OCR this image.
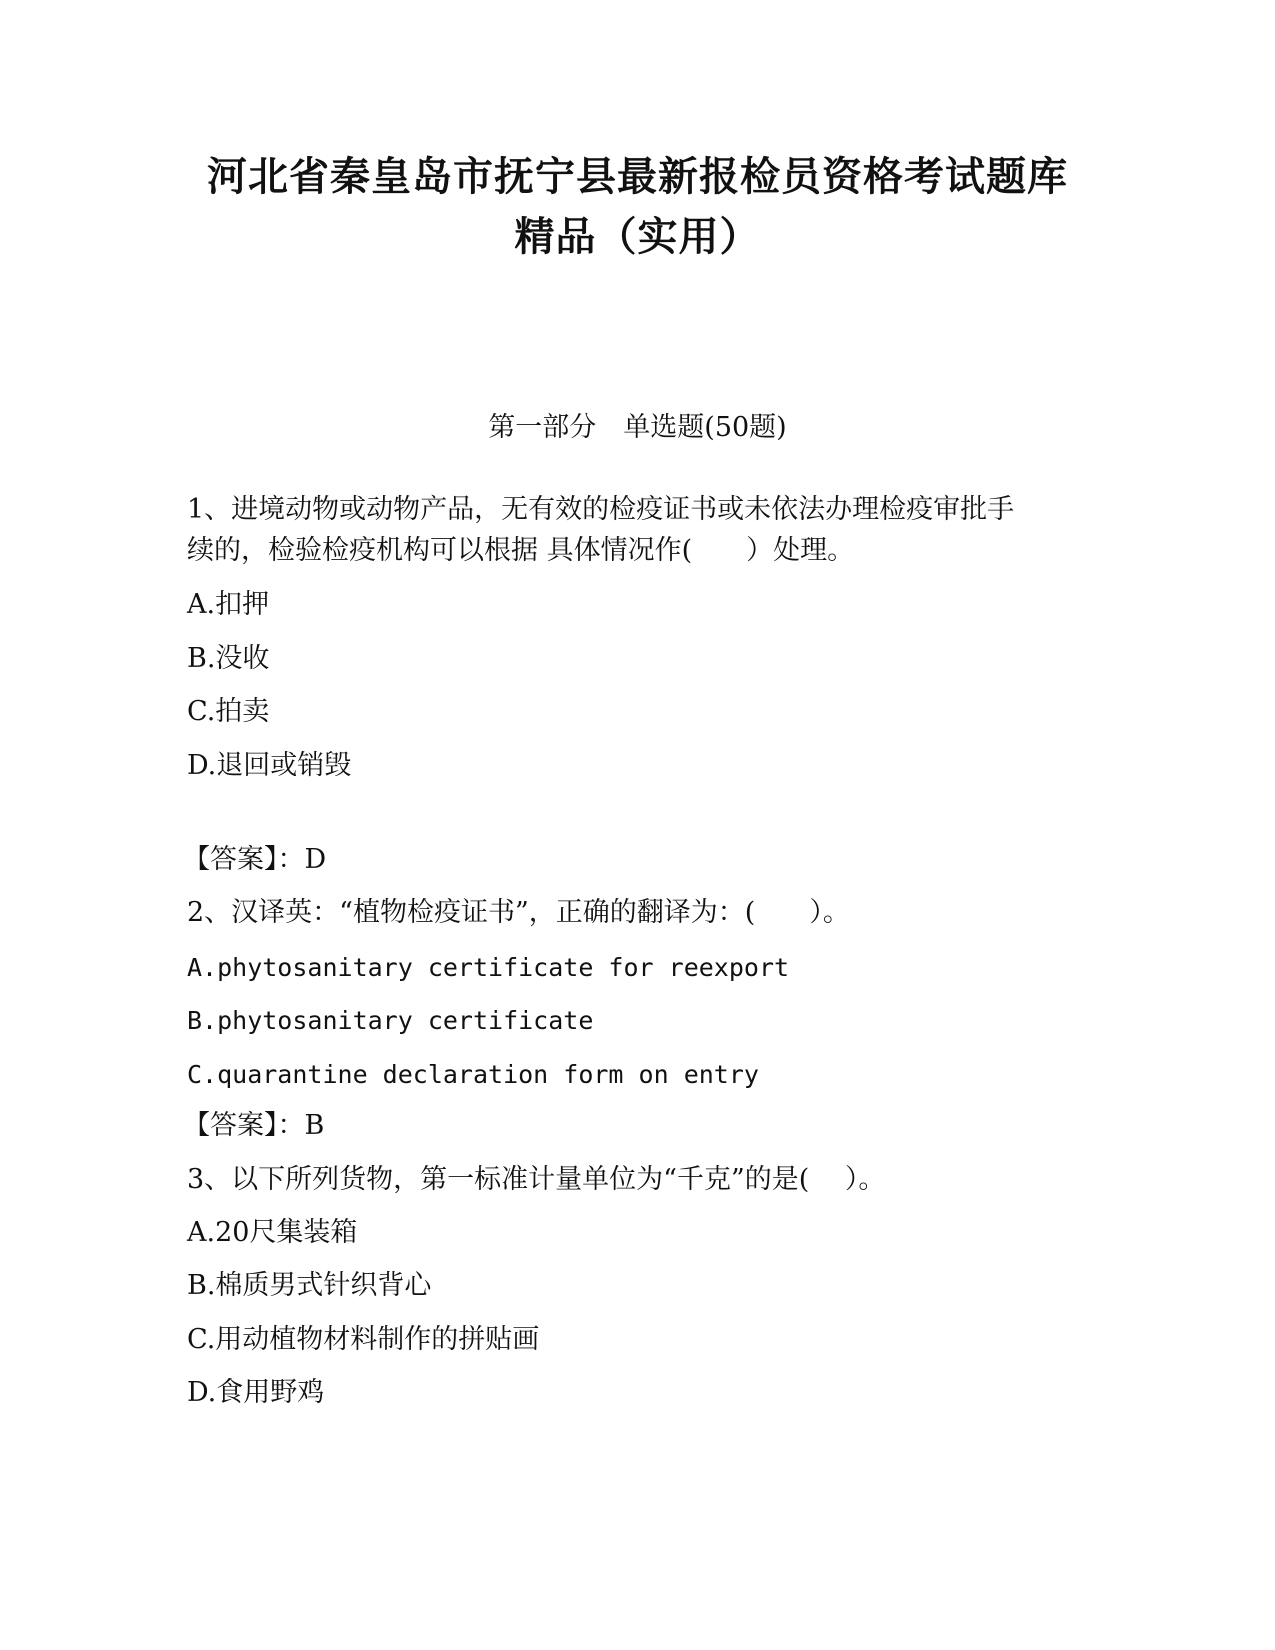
河北省秦皇岛市抚宁县最新报检员资格考试题库
精品（实用）
第一部分　单选题(50题)
1、进境动物或动物产品，无有效的检疫证书或未依法办理检疫审批手
续的，检验检疫机构可以根据 具体情况作(　　）处理。
A.扣押
B.没收
C.拍卖
D.退回或销毁
【答案】：D
2、汉译英：“植物检疫证书”，正确的翻译为：(　　）。
A.phytosanitary certificate for reexport
B.phytosanitary certificate
C.quarantine declaration form on entry
【答案】：B
3、以下所列货物，第一标准计量单位为“千克”的是(　 ）。
A.20尺集装箱
B.棉质男式针织背心
C.用动植物材料制作的拼贴画
D.食用野鸡
